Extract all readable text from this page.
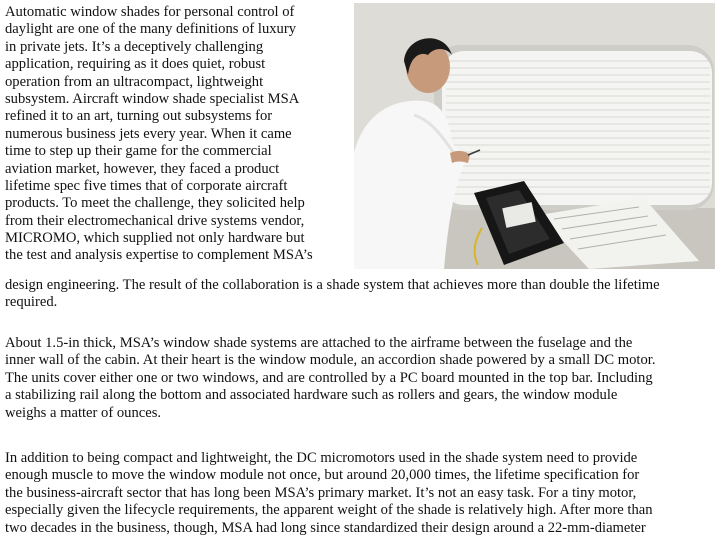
Automatic window shades for personal control of
daylight are one of the many definitions of luxury
in private jets. It’s a deceptively challenging
application, requiring as it does quiet, robust
operation from an ultracompact, lightweight
subsystem. Aircraft window shade specialist MSA
refined it to an art, turning out subsystems for
numerous business jets every year. When it came
time to step up their game for the commercial
aviation market, however, they faced a product
lifetime spec five times that of corporate aircraft
products. To meet the challenge, they solicited help
from their electromechanical drive systems vendor,
MICROMO, which supplied not only hardware but
the test and analysis expertise to complement MSA’s
design engineering. The result of the collaboration is a shade system that achieves more than double the lifetime
required.
About 1.5-in thick, MSA’s window shade systems are attached to the airframe between the fuselage and the
inner wall of the cabin. At their heart is the window module, an accordion shade powered by a small DC motor.
The units cover either one or two windows, and are controlled by a PC board mounted in the top bar. Including
a stabilizing rail along the bottom and associated hardware such as rollers and gears, the window module
weighs a matter of ounces.
In addition to being compact and lightweight, the DC micromotors used in the shade system need to provide
enough muscle to move the window module not once, but around 20,000 times, the lifetime specification for
the business-aircraft sector that has long been MSA’s primary market. It’s not an easy task. For a tiny motor,
especially given the lifecycle requirements, the apparent weight of the shade is relatively high. After more than
two decades in the business, though, MSA had long since standardized their design around a 22-mm-diameter
